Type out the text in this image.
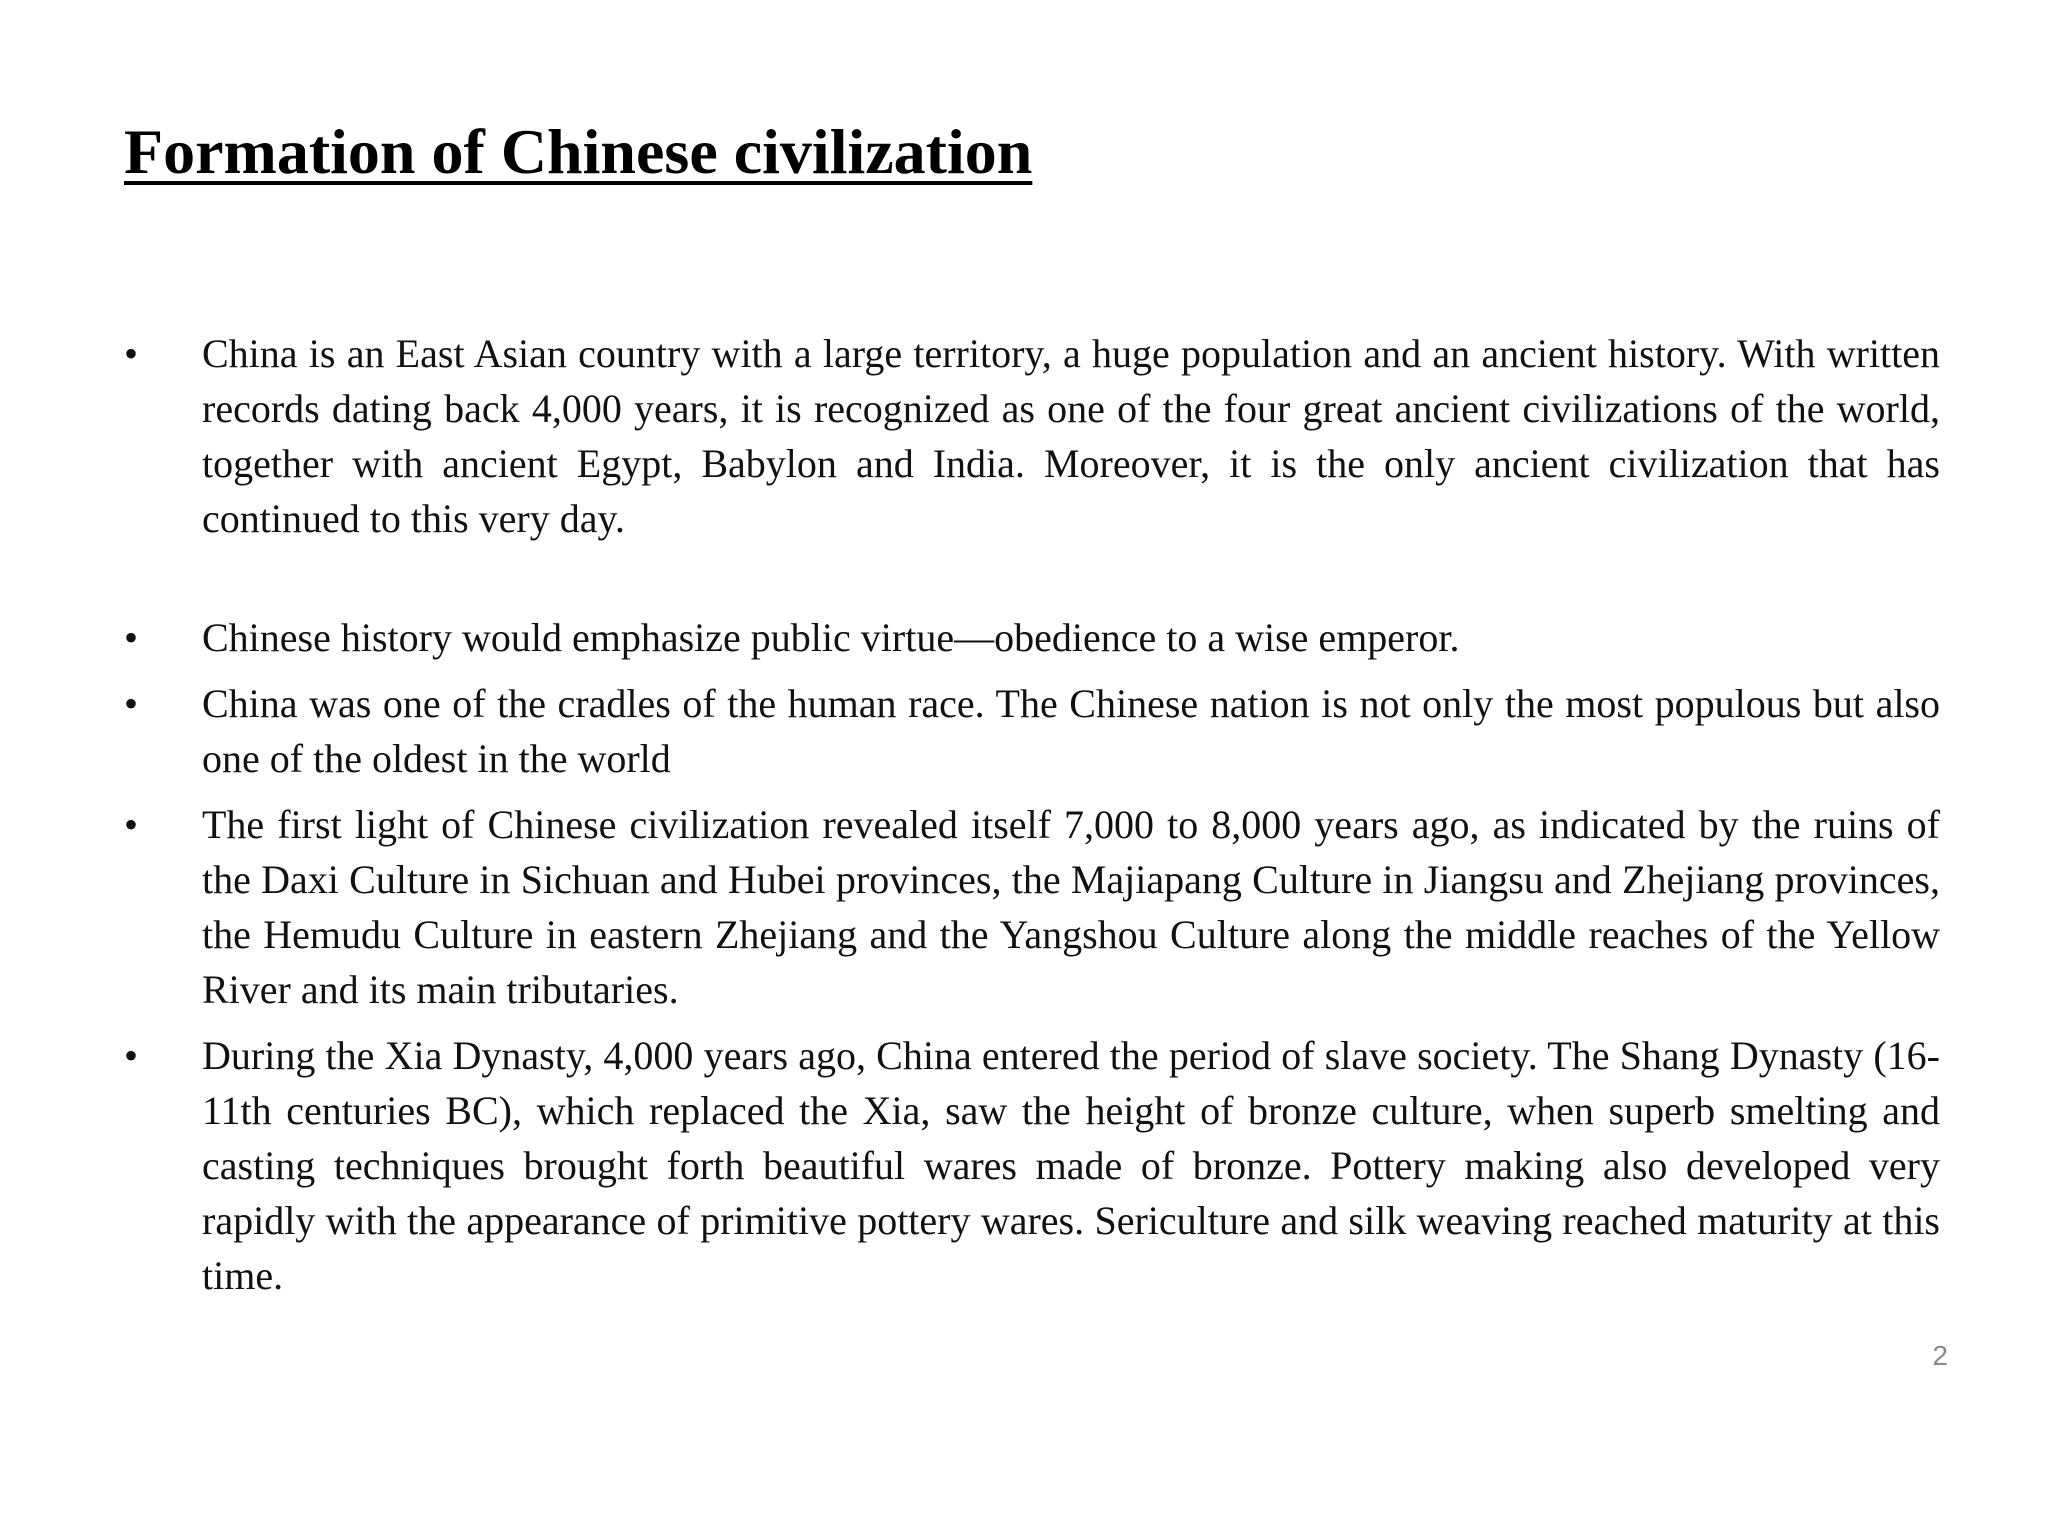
Formation of Chinese civilization
•	China is an East Asian country with a large territory, a huge population and an ancient history. With written records dating back 4,000 years, it is recognized as one of the four great ancient civilizations of the world, together with ancient Egypt, Babylon and India. Moreover, it is the only ancient civilization that has continued to this very day.
•	Chinese history would emphasize public virtue—obedience to a wise emperor.
•	China was one of the cradles of the human race. The Chinese nation is not only the most populous but also one of the oldest in the world
•	The first light of Chinese civilization revealed itself 7,000 to 8,000 years ago, as indicated by the ruins of the Daxi Culture in Sichuan and Hubei provinces, the Majiapang Culture in Jiangsu and Zhejiang provinces, the Hemudu Culture in eastern Zhejiang and the Yangshou Culture along the middle reaches of the Yellow River and its main tributaries.
•	During the Xia Dynasty, 4,000 years ago, China entered the period of slave society. The Shang Dynasty (16-11th centuries BC), which replaced the Xia, saw the height of bronze culture, when superb smelting and casting techniques brought forth beautiful wares made of bronze. Pottery making also developed very rapidly with the appearance of primitive pottery wares. Sericulture and silk weaving reached maturity at this time.
2
